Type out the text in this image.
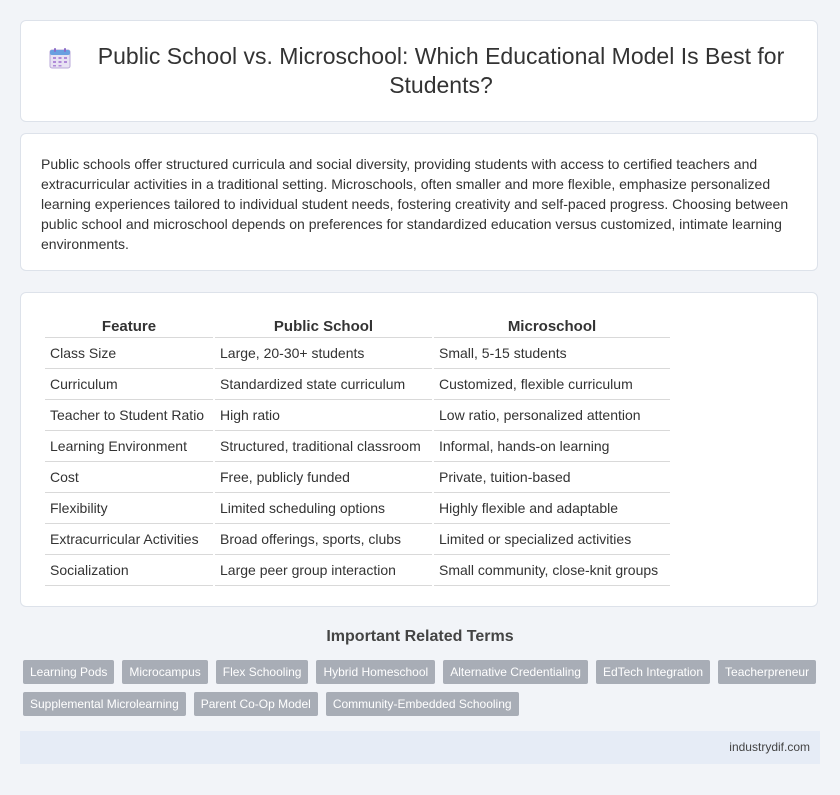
Public School vs. Microschool: Which Educational Model Is Best for Students?

Public schools offer structured curricula and social diversity, providing students with access to certified teachers and extracurricular activities in a traditional setting. Microschools, often smaller and more flexible, emphasize personalized learning experiences tailored to individual student needs, fostering creativity and self-paced progress. Choosing between public school and microschool depends on preferences for standardized education versus customized, intimate learning environments.

Feature	Public School	Microschool
Class Size	Large, 20-30+ students	Small, 5-15 students
Curriculum	Standardized state curriculum	Customized, flexible curriculum
Teacher to Student Ratio	High ratio	Low ratio, personalized attention
Learning Environment	Structured, traditional classroom	Informal, hands-on learning
Cost	Free, publicly funded	Private, tuition-based
Flexibility	Limited scheduling options	Highly flexible and adaptable
Extracurricular Activities	Broad offerings, sports, clubs	Limited or specialized activities
Socialization	Large peer group interaction	Small community, close-knit groups
Important Related Terms
Learning Pods	Microcampus	Flex Schooling	Hybrid Homeschool	Alternative Credentialing	EdTech Integration	Teacherpreneur
Supplemental Microlearning	Parent Co-Op Model	Community-Embedded Schooling
industrydif.com
